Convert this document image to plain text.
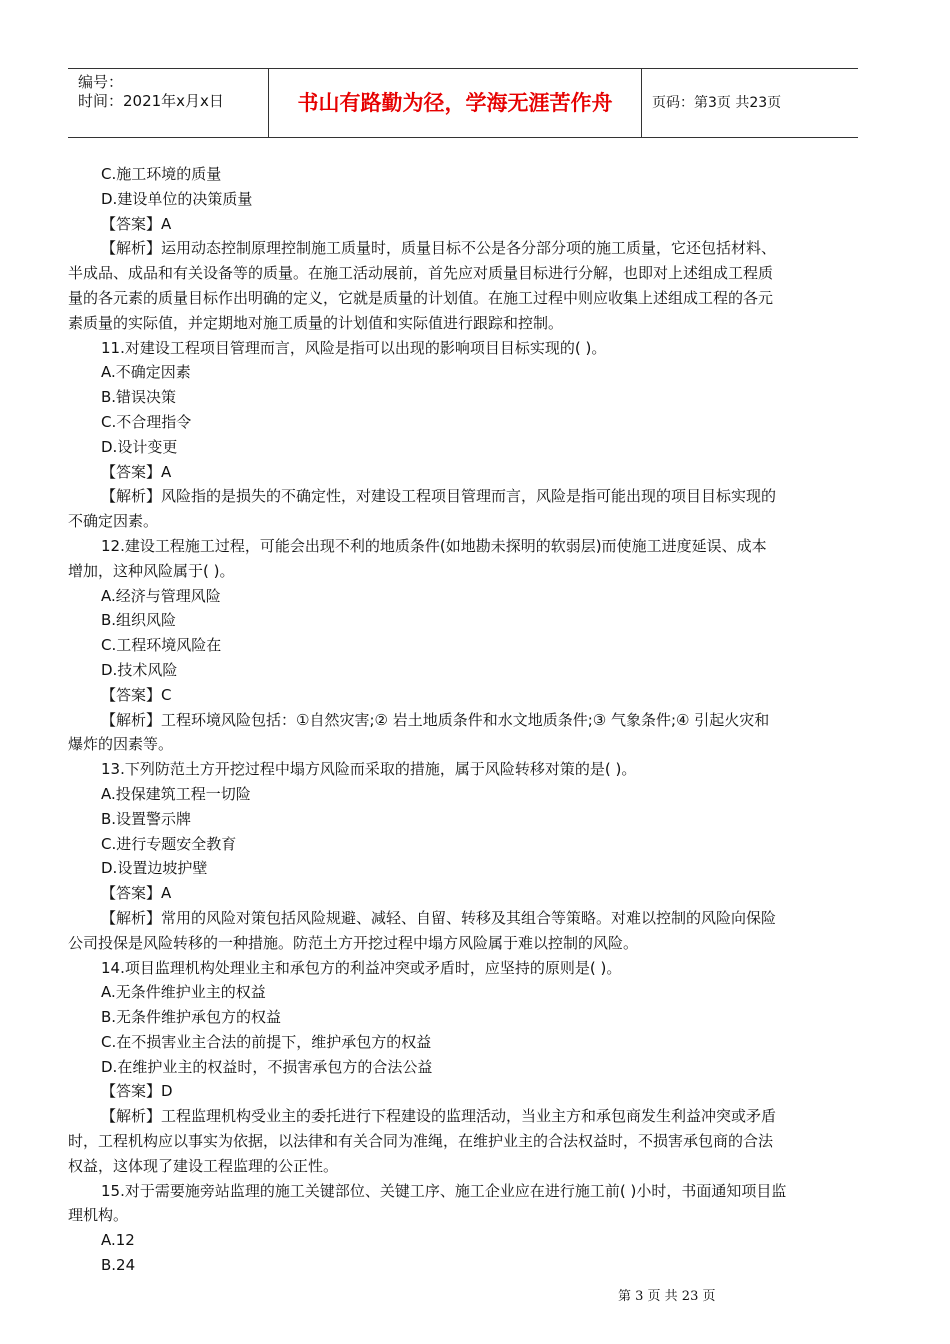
编号：
时间：2021年x月x日	书山有路勤为径，学海无涯苦作舟	页码：第3页 共23页
C.施工环境的质量
D.建设单位的决策质量
【答案】A
【解析】运用动态控制原理控制施工质量时，质量目标不公是各分部分项的施工质量，它还包括材料、
半成品、成品和有关设备等的质量。在施工活动展前，首先应对质量目标进行分解，也即对上述组成工程质
量的各元素的质量目标作出明确的定义，它就是质量的计划值。在施工过程中则应收集上述组成工程的各元
素质量的实际值，并定期地对施工质量的计划值和实际值进行跟踪和控制。
11.对建设工程项目管理而言，风险是指可以出现的影响项目目标实现的( )。
A.不确定因素
B.错误决策
C.不合理指令
D.设计变更
【答案】A
【解析】风险指的是损失的不确定性，对建设工程项目管理而言，风险是指可能出现的项目目标实现的
不确定因素。
12.建设工程施工过程，可能会出现不利的地质条件(如地勘未探明的软弱层)而使施工进度延误、成本
增加，这种风险属于( )。
A.经济与管理风险
B.组织风险
C.工程环境风险在
D.技术风险
【答案】C
【解析】工程环境风险包括：①自然灾害;② 岩土地质条件和水文地质条件;③ 气象条件;④ 引起火灾和
爆炸的因素等。
13.下列防范土方开挖过程中塌方风险而采取的措施，属于风险转移对策的是( )。
A.投保建筑工程一切险
B.设置警示牌
C.进行专题安全教育
D.设置边坡护壁
【答案】A
【解析】常用的风险对策包括风险规避、减轻、自留、转移及其组合等策略。对难以控制的风险向保险
公司投保是风险转移的一种措施。防范土方开挖过程中塌方风险属于难以控制的风险。
14.项目监理机构处理业主和承包方的利益冲突或矛盾时，应坚持的原则是( )。
A.无条件维护业主的权益
B.无条件维护承包方的权益
C.在不损害业主合法的前提下，维护承包方的权益
D.在维护业主的权益时，不损害承包方的合法公益
【答案】D
【解析】工程监理机构受业主的委托进行下程建设的监理活动，当业主方和承包商发生利益冲突或矛盾
时，工程机构应以事实为依据，以法律和有关合同为准绳，在维护业主的合法权益时，不损害承包商的合法
权益，这体现了建设工程监理的公正性。
15.对于需要施旁站监理的施工关键部位、关键工序、施工企业应在进行施工前( )小时，书面通知项目监
理机构。
A.12
B.24
第 3 页 共 23 页
